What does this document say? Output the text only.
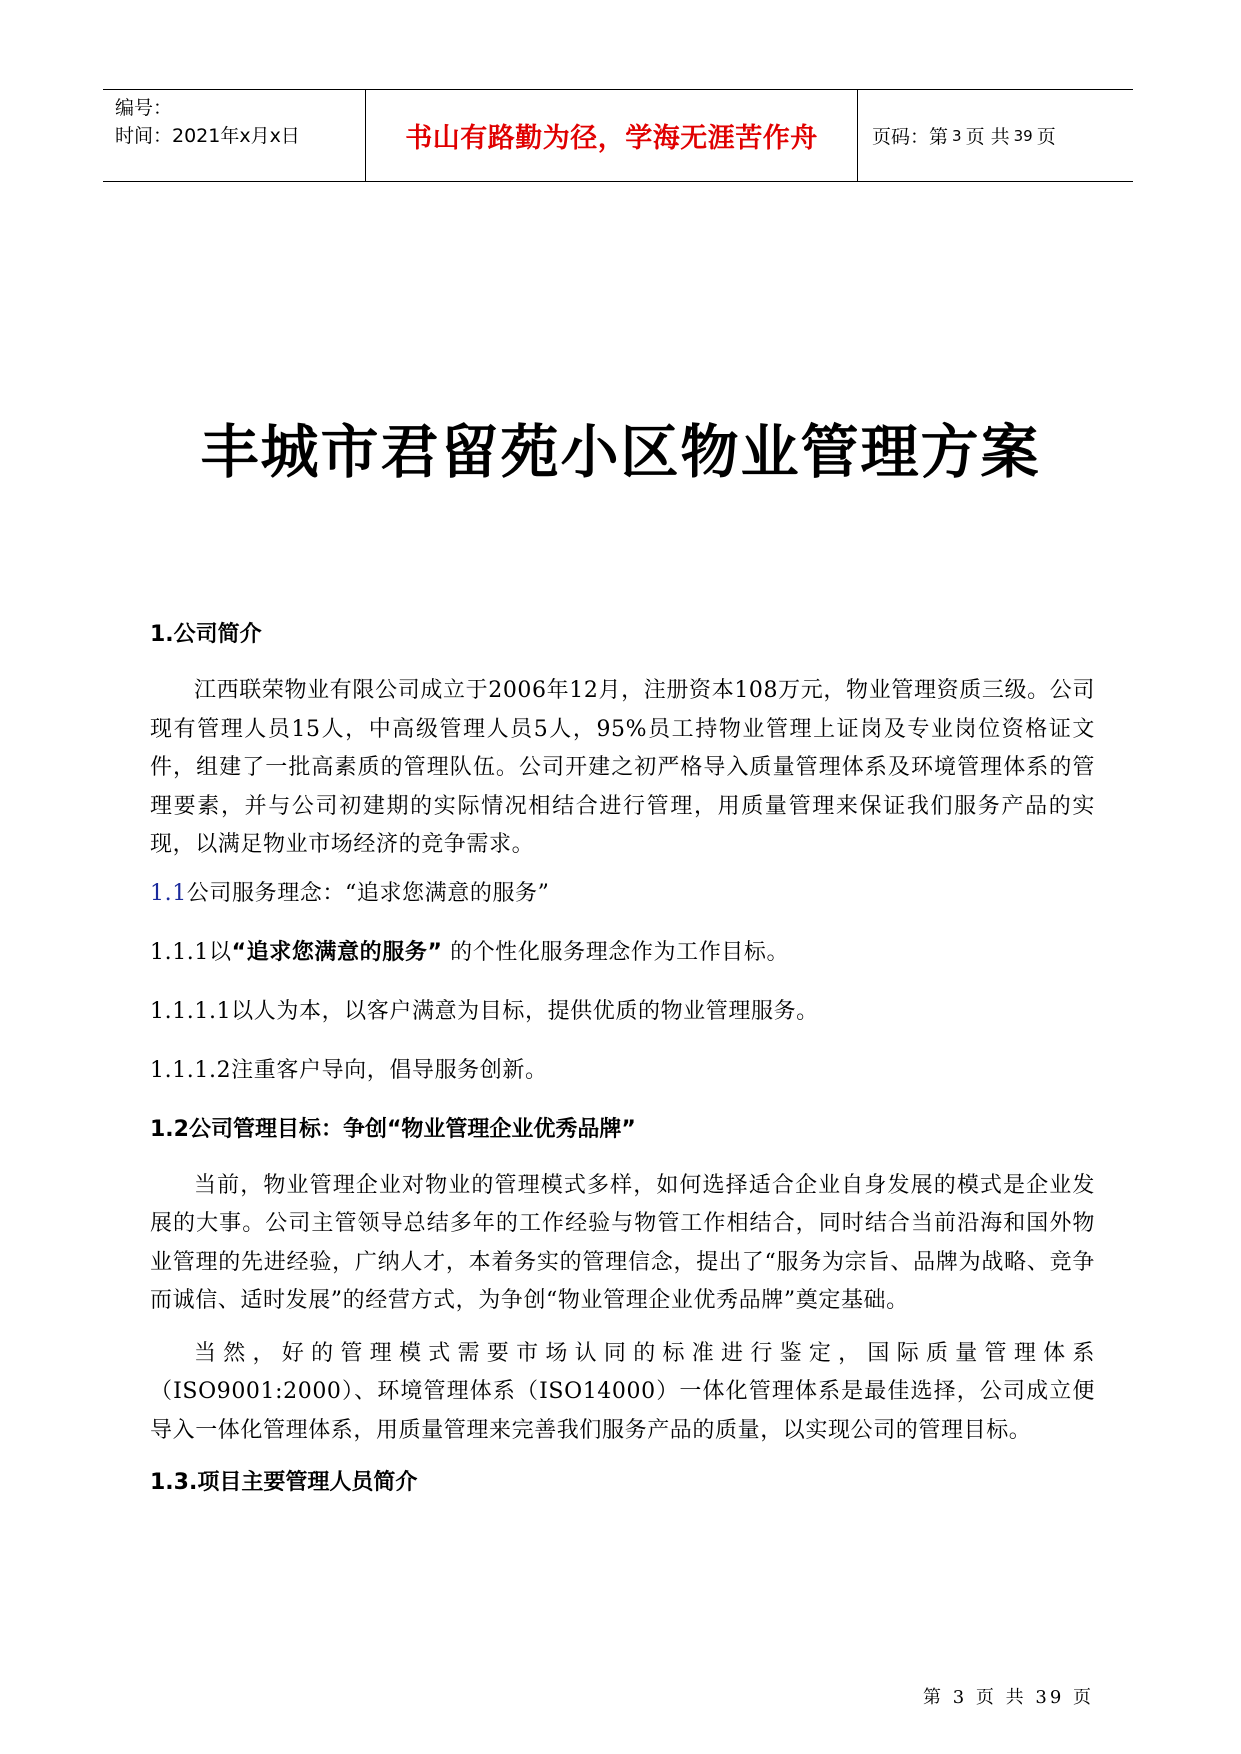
编号：
时间：2021年x月x日	书山有路勤为径，学海无涯苦作舟	页码：第 3 页 共 39 页
丰城市君留苑小区物业管理方案
1.公司简介

江西联荣物业有限公司成立于2006年12月，注册资本108万元，物业管理资质三级。公司现有管理人员15人，中高级管理人员5人，95%员工持物业管理上证岗及专业岗位资格证文件，组建了一批高素质的管理队伍。公司开建之初严格导入质量管理体系及环境管理体系的管理要素，并与公司初建期的实际情况相结合进行管理，用质量管理来保证我们服务产品的实现，以满足物业市场经济的竞争需求。

1.1公司服务理念：“追求您满意的服务”
1.1.1以“追求您满意的服务” 的个性化服务理念作为工作目标。
1.1.1.1以人为本，以客户满意为目标，提供优质的物业管理服务。
1.1.1.2注重客户导向，倡导服务创新。
1.2公司管理目标：争创“物业管理企业优秀品牌”

当前，物业管理企业对物业的管理模式多样，如何选择适合企业自身发展的模式是企业发展的大事。公司主管领导总结多年的工作经验与物管工作相结合，同时结合当前沿海和国外物业管理的先进经验，广纳人才，本着务实的管理信念，提出了“服务为宗旨、品牌为战略、竞争而诚信、适时发展”的经营方式，为争创“物业管理企业优秀品牌”奠定基础。

当然，好的管理模式需要市场认同的标准进行鉴定，国际质量管理体系（ISO9001:2000）、环境管理体系（ISO14000）一体化管理体系是最佳选择，公司成立便导入一体化管理体系，用质量管理来完善我们服务产品的质量，以实现公司的管理目标。

1.3.项目主要管理人员简介
第 3 页 共 39 页
